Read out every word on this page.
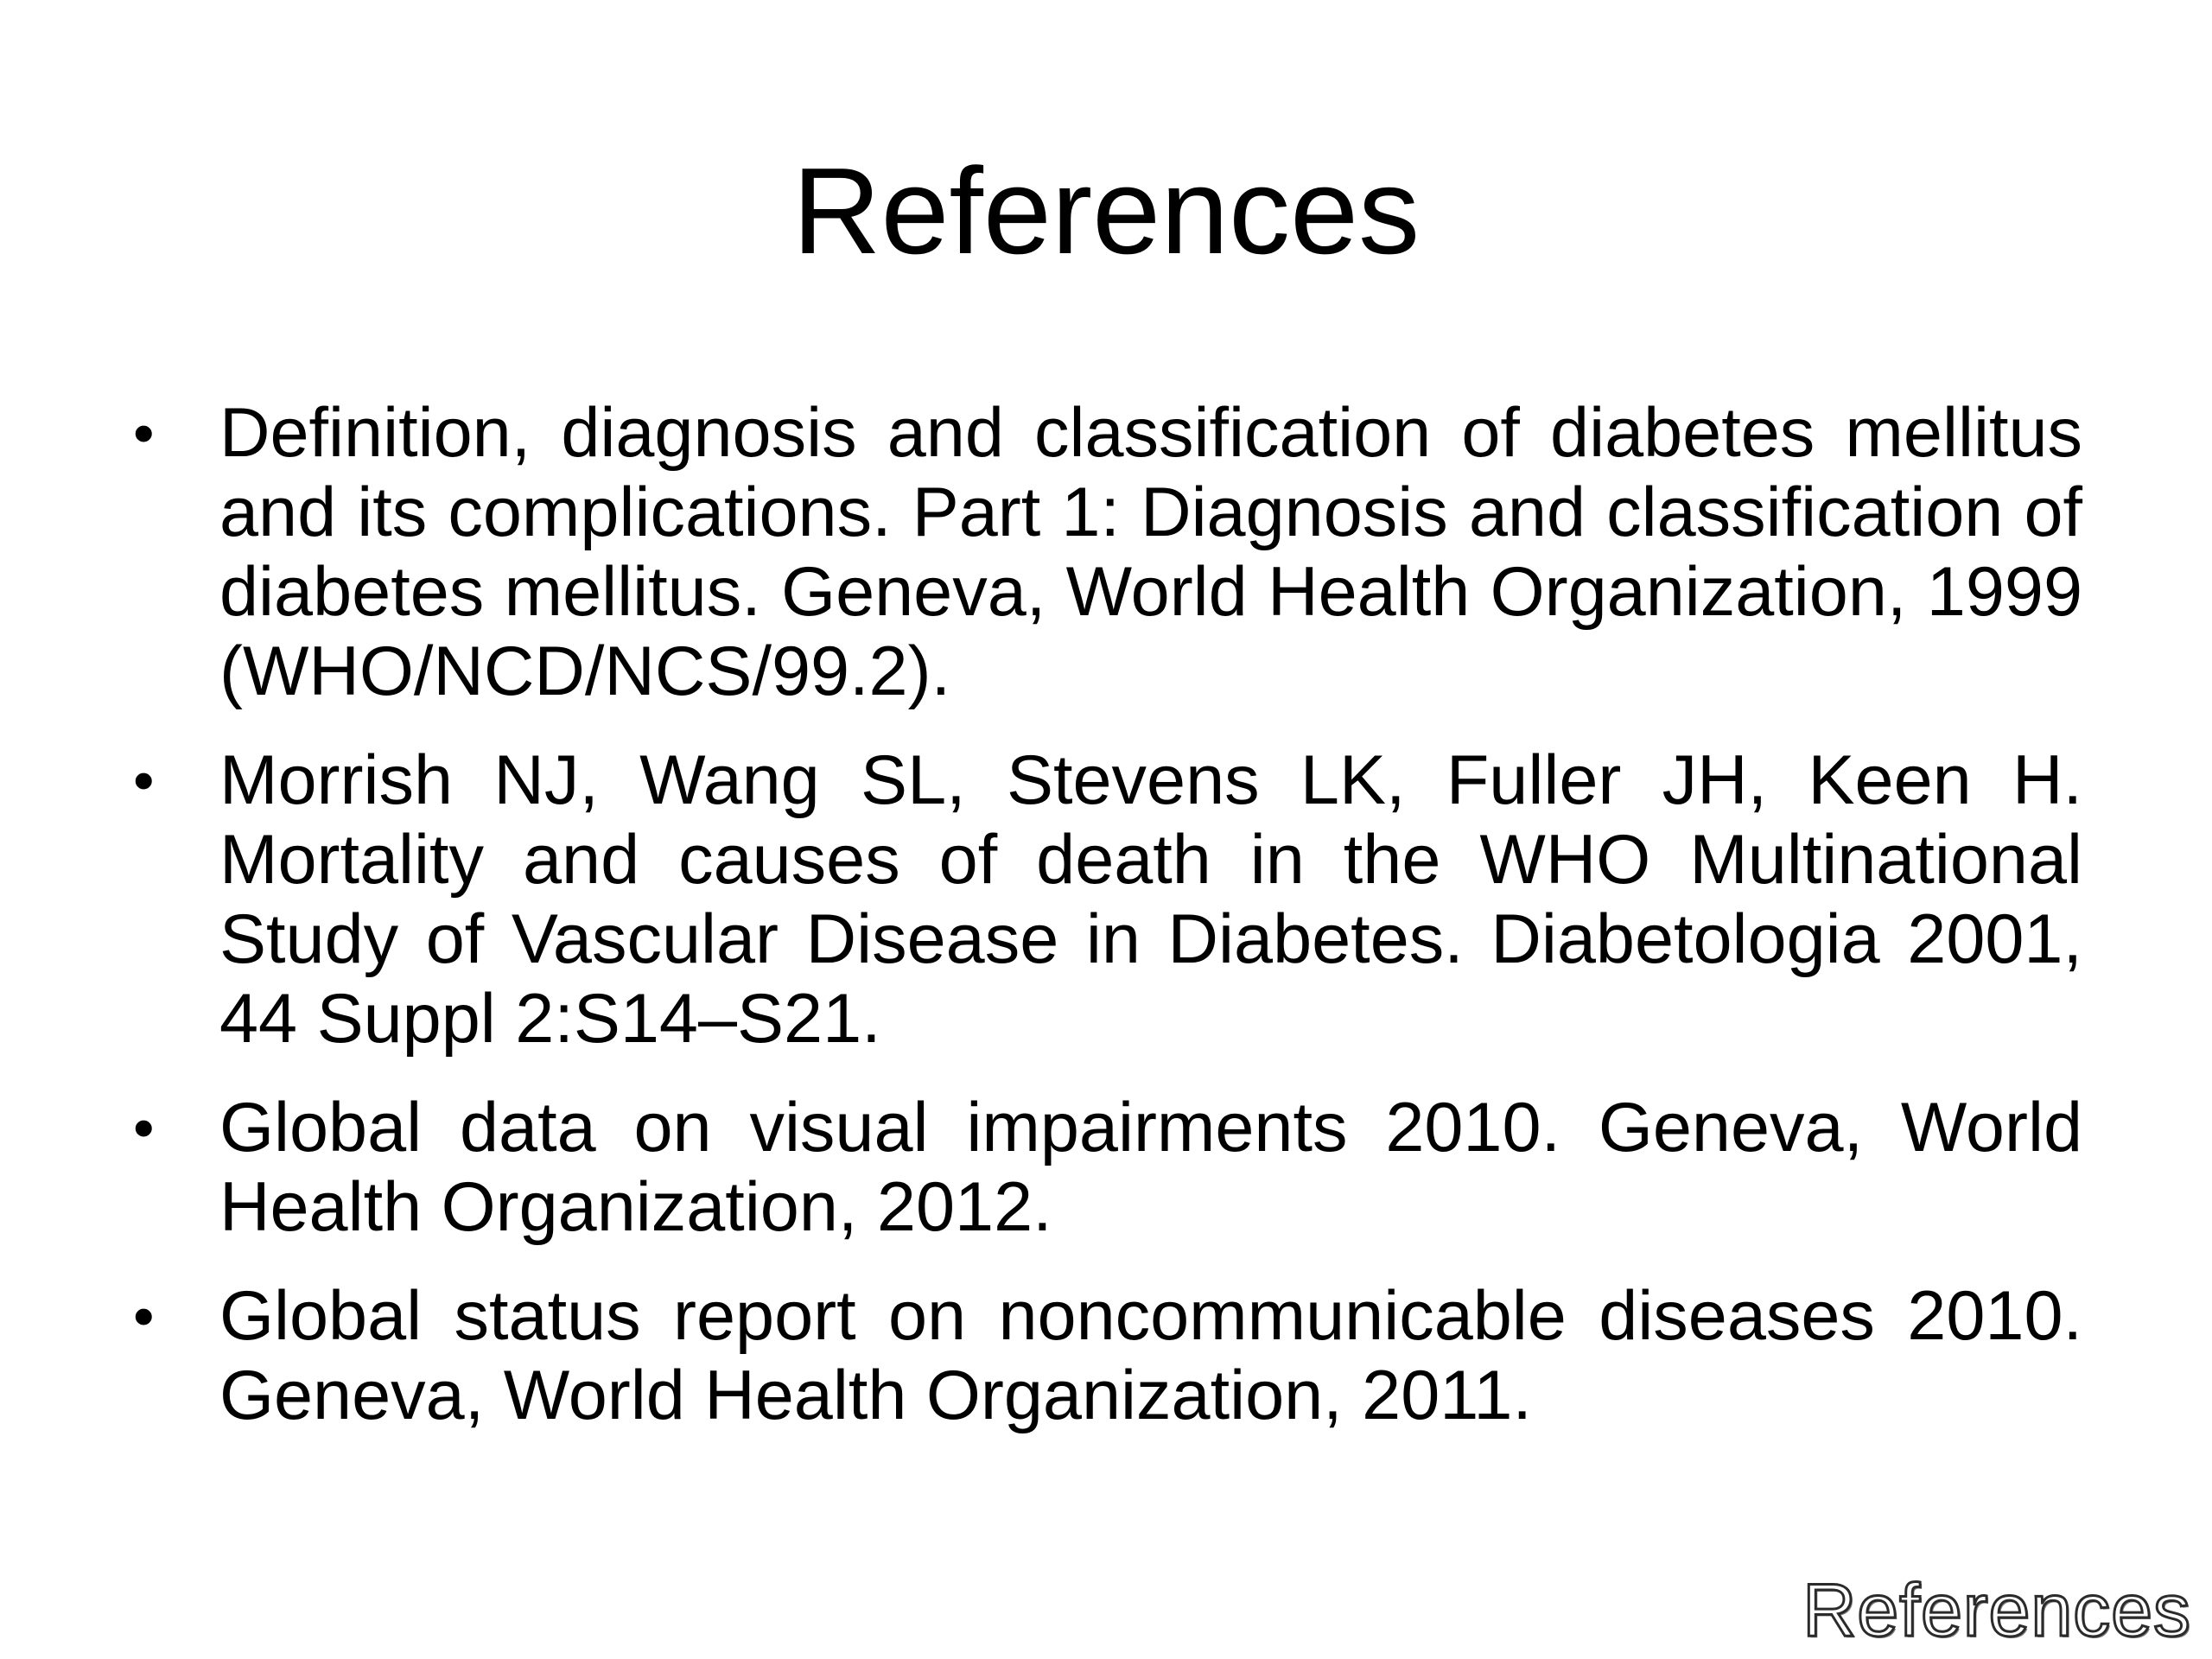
References
• Definition, diagnosis and classification of diabetes mellitus and its complications. Part 1: Diagnosis and classification of diabetes mellitus. Geneva, World Health Organization, 1999 (WHO/NCD/NCS/99.2).
• Morrish NJ, Wang SL, Stevens LK, Fuller JH, Keen H. Mortality and causes of death in the WHO Multinational Study of Vascular Disease in Diabetes. Diabetologia 2001, 44 Suppl 2:S14–S21.
• Global data on visual impairments 2010. Geneva, World Health Organization, 2012.
• Global status report on noncommunicable diseases 2010. Geneva, World Health Organization, 2011.
References
